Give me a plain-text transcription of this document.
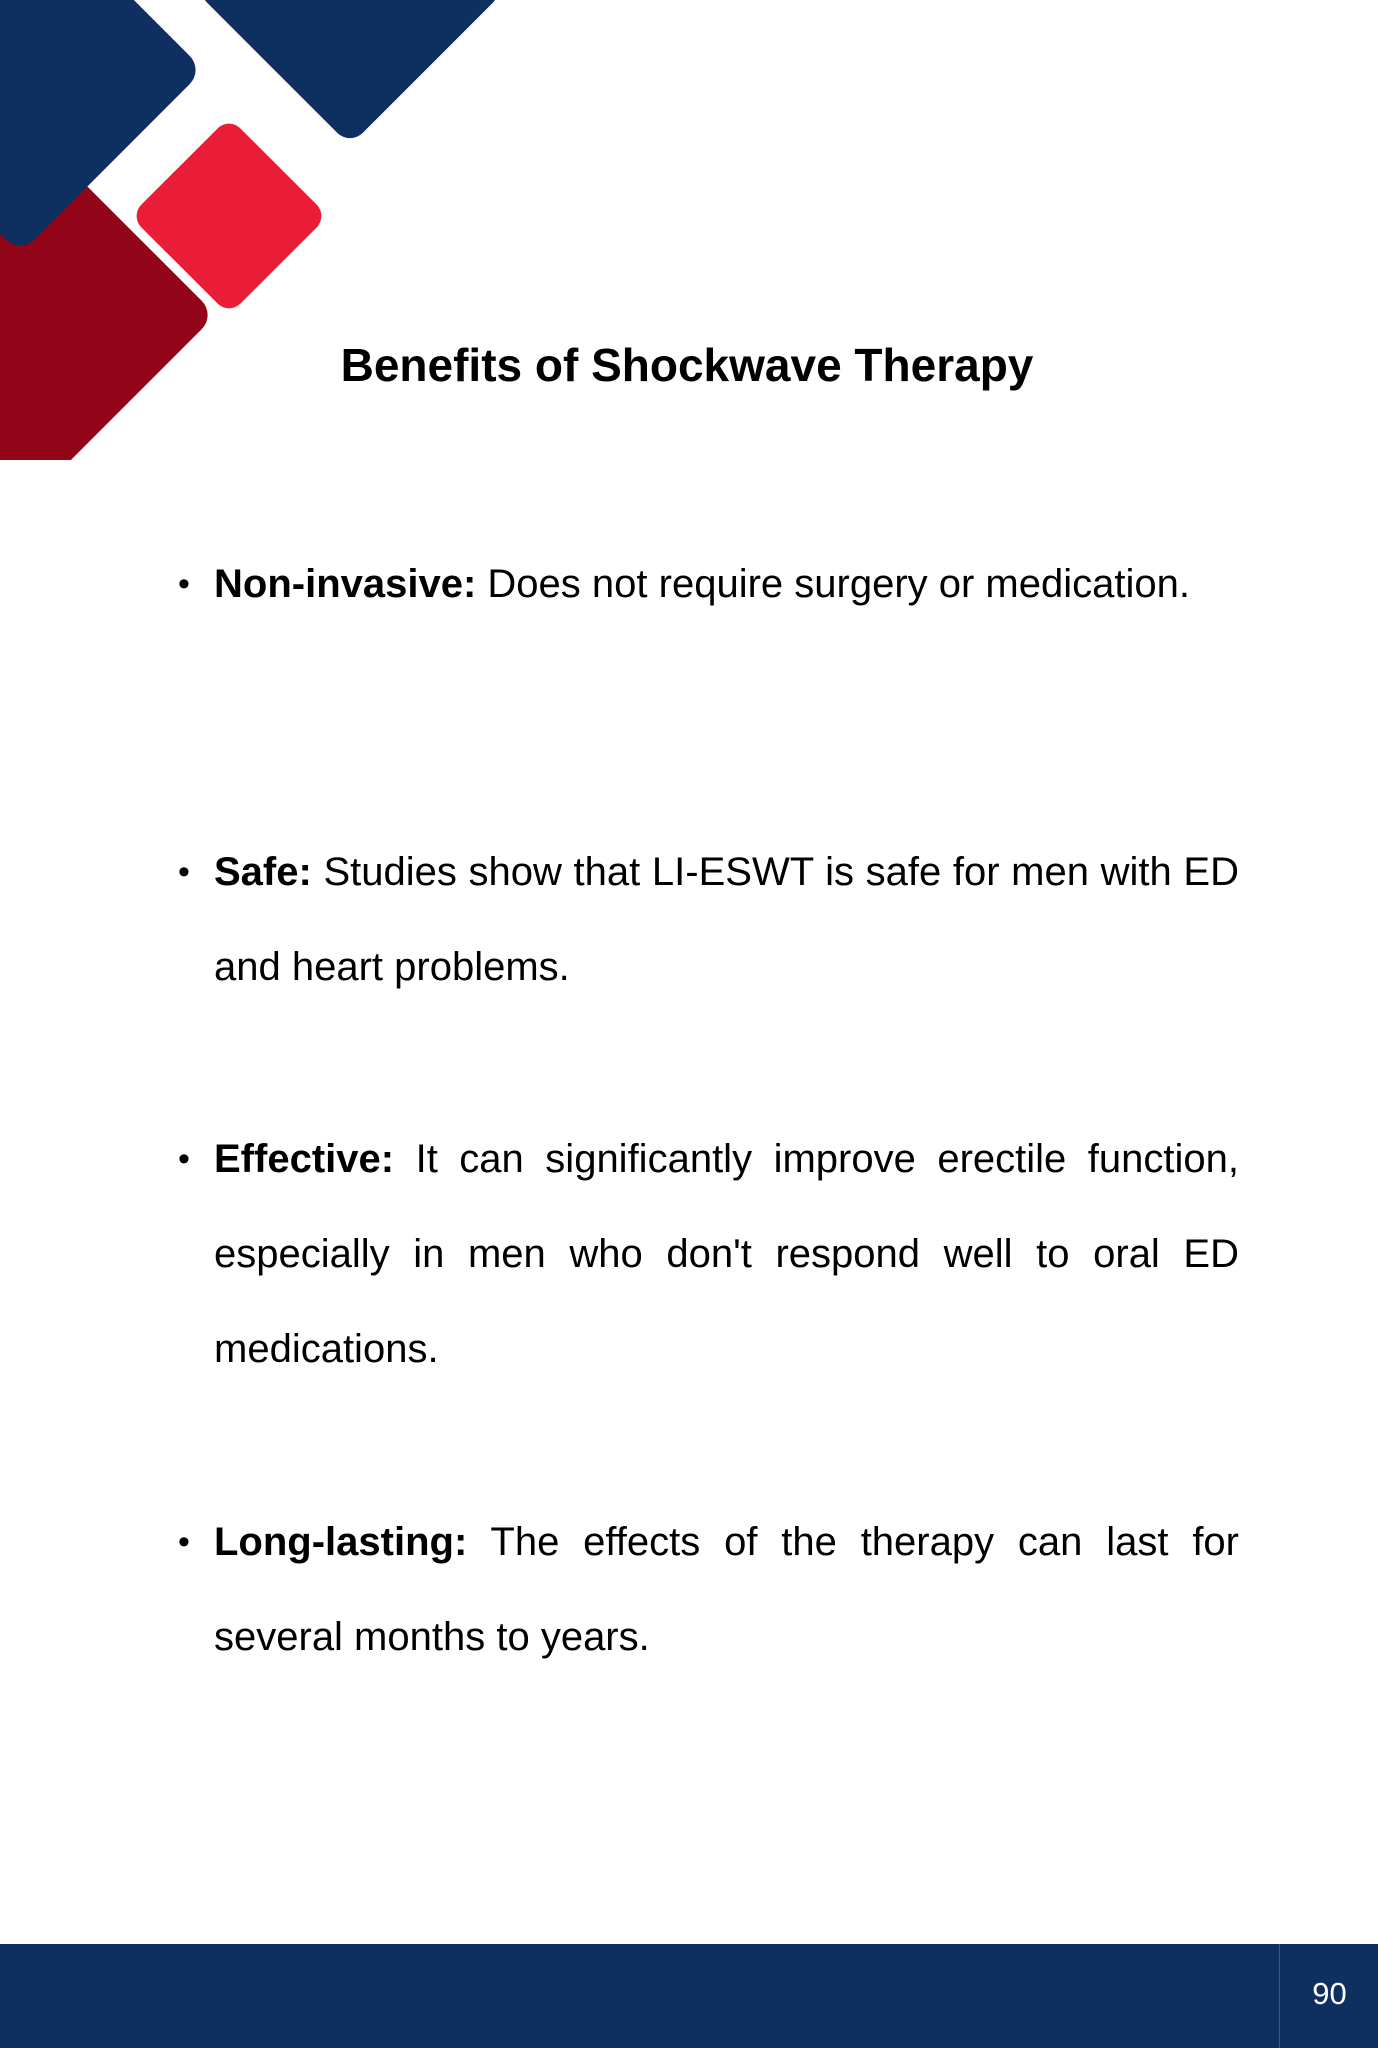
Benefits of Shockwave Therapy
• Non-invasive: Does not require surgery or medication.
• Safe: Studies show that LI-ESWT is safe for men with ED and heart problems.
• Effective: It can significantly improve erectile function, especially in men who don't respond well to oral ED medications.
• Long-lasting: The effects of the therapy can last for several months to years.
90
